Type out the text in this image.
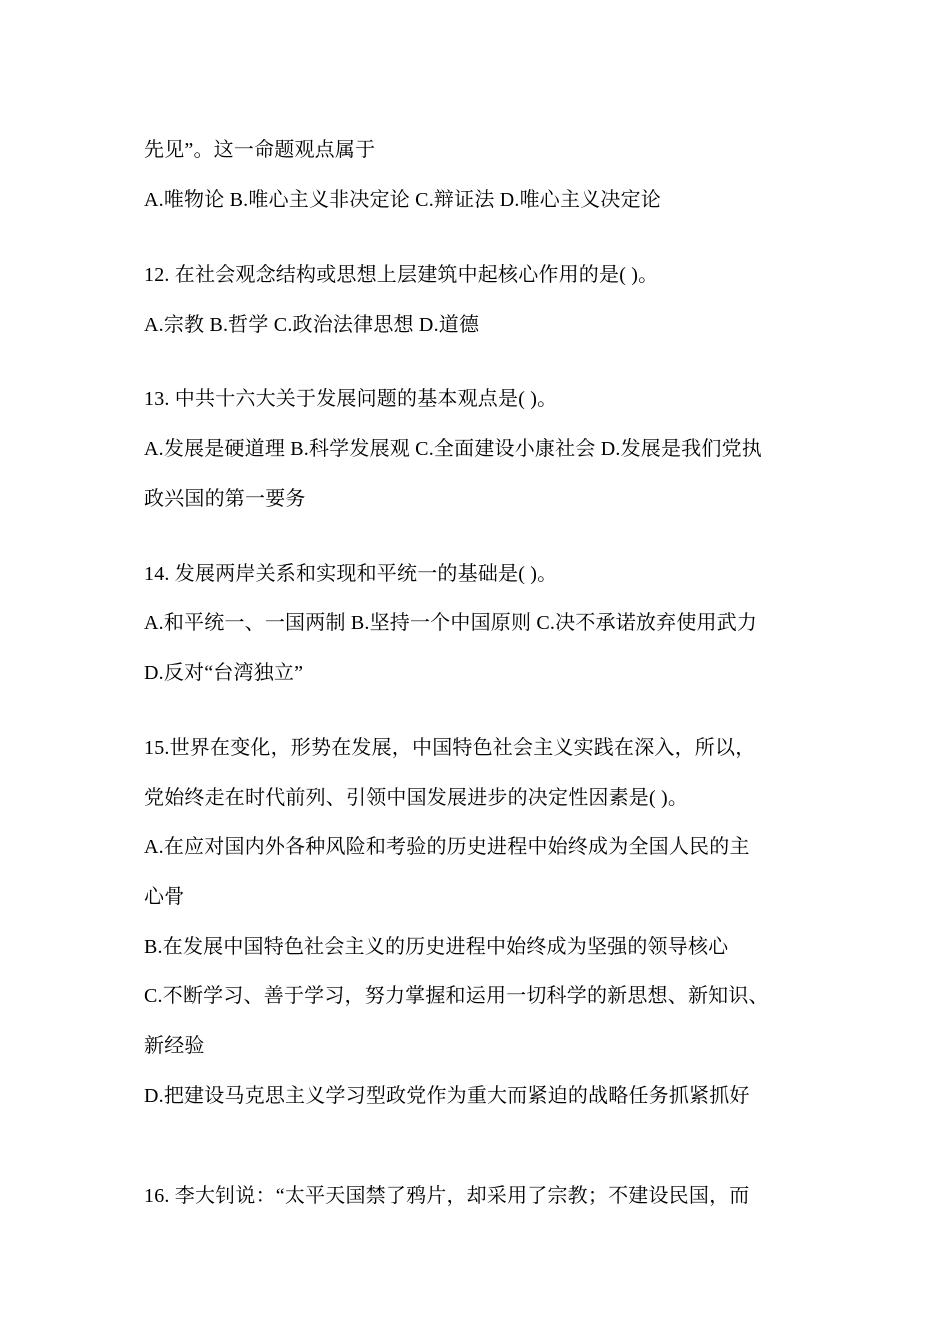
先见”。这一命题观点属于
A.唯物论 B.唯心主义非决定论 C.辩证法 D.唯心主义决定论
12. 在社会观念结构或思想上层建筑中起核心作用的是( )。
A.宗教 B.哲学 C.政治法律思想 D.道德
13. 中共十六大关于发展问题的基本观点是( )。
A.发展是硬道理 B.科学发展观 C.全面建设小康社会 D.发展是我们党执
政兴国的第一要务
14. 发展两岸关系和实现和平统一的基础是( )。
A.和平统一、一国两制 B.坚持一个中国原则 C.决不承诺放弃使用武力
D.反对“台湾独立”
15.世界在变化，形势在发展，中国特色社会主义实践在深入，所以，
党始终走在时代前列、引领中国发展进步的决定性因素是( )。
A.在应对国内外各种风险和考验的历史进程中始终成为全国人民的主
心骨
B.在发展中国特色社会主义的历史进程中始终成为坚强的领导核心
C.不断学习、善于学习，努力掌握和运用一切科学的新思想、新知识、
新经验
D.把建设马克思主义学习型政党作为重大而紧迫的战略任务抓紧抓好
16. 李大钊说：“太平天国禁了鸦片，却采用了宗教；不建设民国，而
